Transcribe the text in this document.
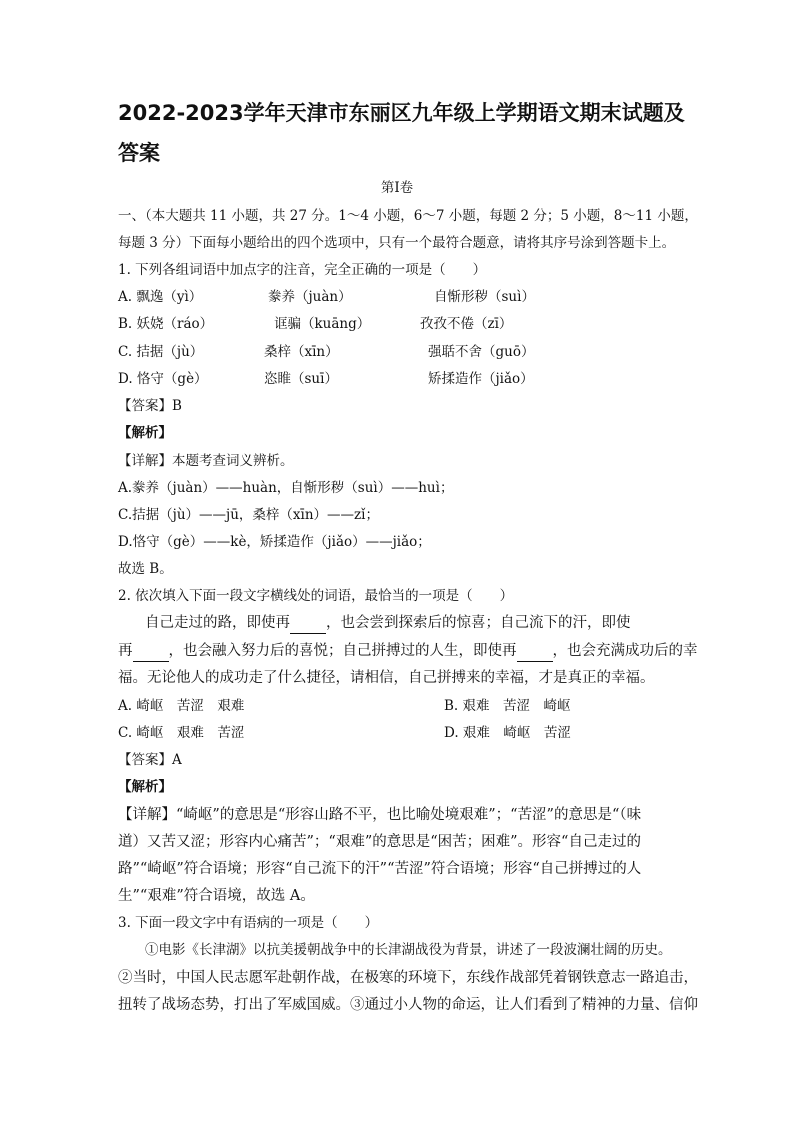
2022-2023学年天津市东丽区九年级上学期语文期末试题及
答案
第Ⅰ卷
一、（本大题共 11 小题，共 27 分。1～4 小题，6～7 小题，每题 2 分；5 小题，8～11 小题，
每题 3 分）下面每小题给出的四个选项中，只有一个最符合题意，请将其序号涂到答题卡上。
1. 下列各组词语中加点字的注音，完全正确的一项是（　　）
A. 飘逸（yì）	豢养（juàn）	自惭形秽（suì）
B. 妖娆（ráo）	诓骗（kuāng）	孜孜不倦（zī）
C. 拮据（jù）	桑梓（xīn）	强聒不舍（guō）
D. 恪守（gè）	恣睢（suī）	矫揉造作（jiǎo）
【答案】B
【解析】
【详解】本题考查词义辨析。
A.豢养（juàn）——huàn，自惭形秽（suì）——huì；
C.拮据（jù）——jū，桑梓（xīn）——zǐ；
D.恪守（gè）——kè，矫揉造作（jiǎo）——jiǎo；
故选 B。
2. 依次填入下面一段文字横线处的词语，最恰当的一项是（　　）
自己走过的路，即使再 ，也会尝到探索后的惊喜；自己流下的汗，即使
再 ，也会融入努力后的喜悦；自己拼搏过的人生，即使再 ，也会充满成功后的幸
福。无论他人的成功走了什么捷径，请相信，自己拼搏来的幸福，才是真正的幸福。
A. 崎岖　苦涩　艰难	B. 艰难　苦涩　崎岖
C. 崎岖　艰难　苦涩	D. 艰难　崎岖　苦涩
【答案】A
【解析】
【详解】“崎岖”的意思是“形容山路不平，也比喻处境艰难”；“苦涩”的意思是“（味
道）又苦又涩；形容内心痛苦”；“艰难”的意思是“困苦；困难”。形容“自己走过的
路”“崎岖”符合语境；形容“自己流下的汗”“苦涩”符合语境；形容“自己拼搏过的人
生”“艰难”符合语境，故选 A。
3. 下面一段文字中有语病的一项是（　　）
①电影《长津湖》以抗美援朝战争中的长津湖战役为背景，讲述了一段波澜壮阔的历史。
②当时，中国人民志愿军赴朝作战，在极寒的环境下，东线作战部凭着钢铁意志一路追击，
扭转了战场态势，打出了军威国威。③通过小人物的命运，让人们看到了精神的力量、信仰
